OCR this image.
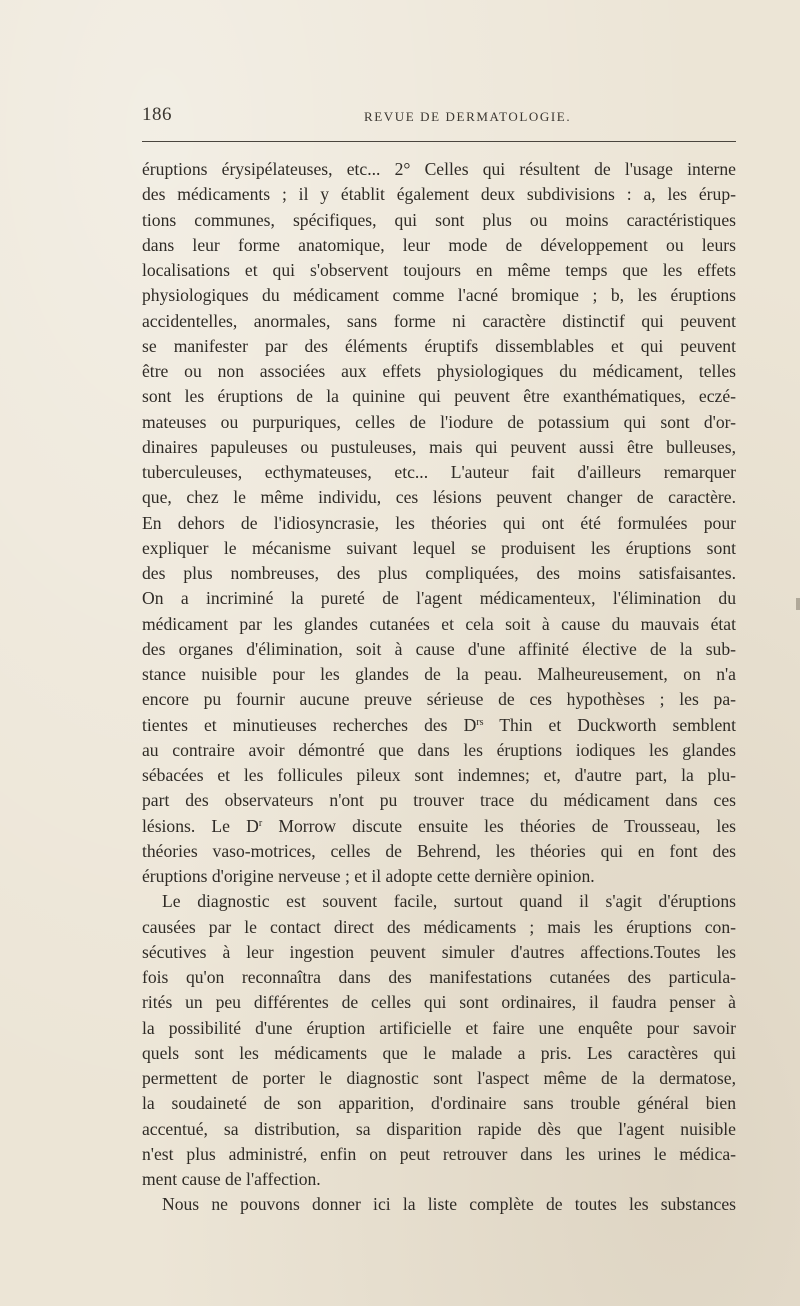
186	REVUE DE DERMATOLOGIE.
éruptions érysipélateuses, etc... 2° Celles qui résultent de l'usage interne
des médicaments ; il y établit également deux subdivisions : a, les érup-
tions communes, spécifiques, qui sont plus ou moins caractéristiques
dans leur forme anatomique, leur mode de développement ou leurs
localisations et qui s'observent toujours en même temps que les effets
physiologiques du médicament comme l'acné bromique ; b, les éruptions
accidentelles, anormales, sans forme ni caractère distinctif qui peuvent
se manifester par des éléments éruptifs dissemblables et qui peuvent
être ou non associées aux effets physiologiques du médicament, telles
sont les éruptions de la quinine qui peuvent être exanthématiques, eczé-
mateuses ou purpuriques, celles de l'iodure de potassium qui sont d'or-
dinaires papuleuses ou pustuleuses, mais qui peuvent aussi être bulleuses,
tuberculeuses, ecthymateuses, etc... L'auteur fait d'ailleurs remarquer
que, chez le même individu, ces lésions peuvent changer de caractère.
En dehors de l'idiosyncrasie, les théories qui ont été formulées pour
expliquer le mécanisme suivant lequel se produisent les éruptions sont
des plus nombreuses, des plus compliquées, des moins satisfaisantes.
On a incriminé la pureté de l'agent médicamenteux, l'élimination du
médicament par les glandes cutanées et cela soit à cause du mauvais état
des organes d'élimination, soit à cause d'une affinité élective de la sub-
stance nuisible pour les glandes de la peau. Malheureusement, on n'a
encore pu fournir aucune preuve sérieuse de ces hypothèses ; les pa-
tientes et minutieuses recherches des $D^{rs}$ Thin et Duckworth semblent
au contraire avoir démontré que dans les éruptions iodiques les glandes
sébacées et les follicules pileux sont indemnes; et, d'autre part, la plu-
part des observateurs n'ont pu trouver trace du médicament dans ces
lésions. Le $D^r$ Morrow discute ensuite les théories de Trousseau, les
théories vaso-motrices, celles de Behrend, les théories qui en font des
éruptions d'origine nerveuse ; et il adopte cette dernière opinion.
Le diagnostic est souvent facile, surtout quand il s'agit d'éruptions
causées par le contact direct des médicaments ; mais les éruptions con-
sécutives à leur ingestion peuvent simuler d'autres affections.Toutes les
fois qu'on reconnaîtra dans des manifestations cutanées des particula-
rités un peu différentes de celles qui sont ordinaires, il faudra penser à
la possibilité d'une éruption artificielle et faire une enquête pour savoir
quels sont les médicaments que le malade a pris. Les caractères qui
permettent de porter le diagnostic sont l'aspect même de la dermatose,
la soudaineté de son apparition, d'ordinaire sans trouble général bien
accentué, sa distribution, sa disparition rapide dès que l'agent nuisible
n'est plus administré, enfin on peut retrouver dans les urines le médica-
ment cause de l'affection.
Nous ne pouvons donner ici la liste complète de toutes les substances
